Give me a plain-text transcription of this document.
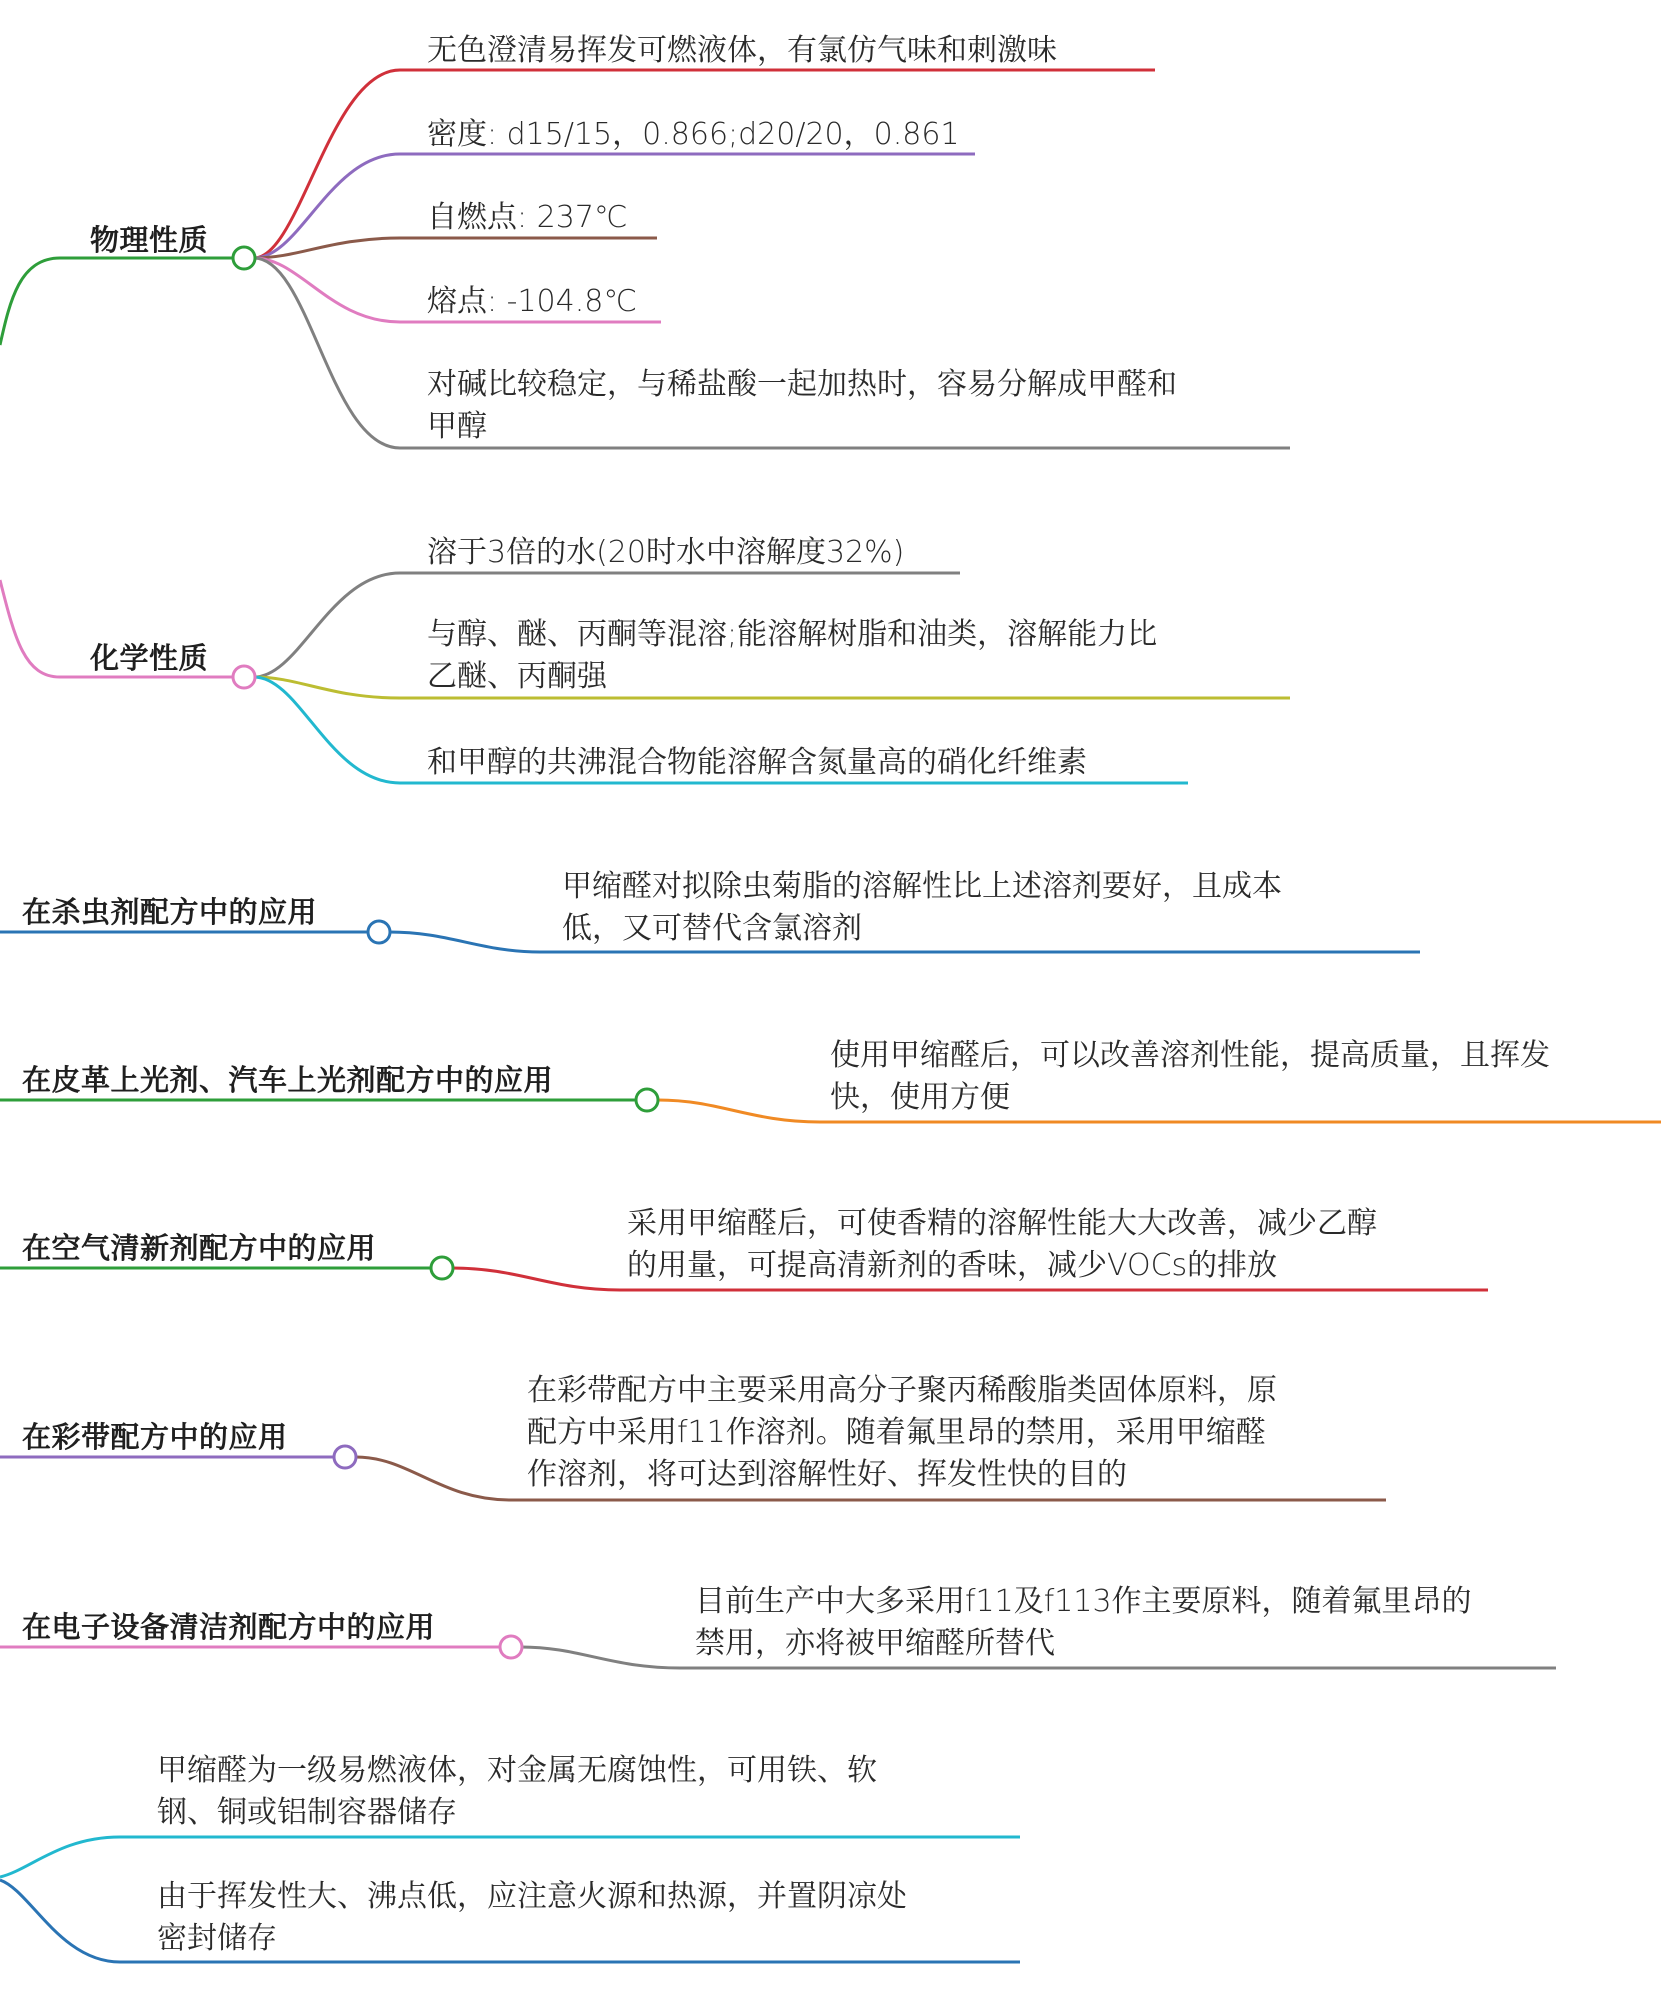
物理性质
化学性质
在杀虫剂配方中的应用
在皮革上光剂、汽车上光剂配方中的应用
在空气清新剂配方中的应用
在彩带配方中的应用
在电子设备清洁剂配方中的应用
无色澄清易挥发可燃液体，有氯仿气味和刺激味
密度: d15/15，0.866;d20/20，0.861
自燃点: 237℃
熔点: -104.8℃
对碱比较稳定，与稀盐酸一起加热时，容易分解成甲醛和
甲醇
溶于3倍的水(20时水中溶解度32%)
与醇、醚、丙酮等混溶;能溶解树脂和油类，溶解能力比
乙醚、丙酮强
和甲醇的共沸混合物能溶解含氮量高的硝化纤维素
甲缩醛对拟除虫菊脂的溶解性比上述溶剂要好，且成本
低，又可替代含氯溶剂
使用甲缩醛后，可以改善溶剂性能，提高质量，且挥发
快，使用方便
采用甲缩醛后，可使香精的溶解性能大大改善，减少乙醇
的用量，可提高清新剂的香味，减少VOCs的排放
在彩带配方中主要采用高分子聚丙稀酸脂类固体原料，原
配方中采用f11作溶剂。随着氟里昂的禁用，采用甲缩醛
作溶剂，将可达到溶解性好、挥发性快的目的
目前生产中大多采用f11及f113作主要原料，随着氟里昂的
禁用，亦将被甲缩醛所替代
甲缩醛为一级易燃液体，对金属无腐蚀性，可用铁、软
钢、铜或铝制容器储存
由于挥发性大、沸点低，应注意火源和热源，并置阴凉处
密封储存
